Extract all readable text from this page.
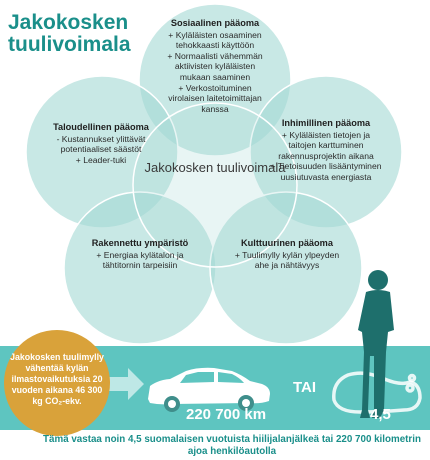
Jakokosken tuulivoimala
Jakokosken tuulivoimala
Sosiaalinen pääoma
+ Kyläläisten osaaminen tehokkaasti käyttöön
+ Normaalisti vähemmän aktiivisten kyläläisten mukaan saaminen
+ Verkostoituminen virolaisen laitetoimittajan kanssa
Taloudellinen pääoma
- Kustannukset ylittävät potentiaaliset säästöt
+ Leader-tuki
Inhimillinen pääoma
+ Kyläläisten tietojen ja taitojen karttuminen rakennusprojektin aikana
+ Tietoisuuden lisääntyminen uusiutuvasta energiasta
Rakennettu ympäristö
+ Energiaa kylätalon ja tähtitornin tarpeisiin
Kulttuurinen pääoma
+ Tuulimylly kylän ylpeyden ahe ja nähtävyys
Jakokosken tuulimylly vähentää kylän ilmastovaikutuksia 20 vuoden aikana 46 300 kg CO₂-ekv.
220 700 km
TAI
4,5
Tämä vastaa noin 4,5 suomalaisen vuotuista hiilijalanjälkeä tai 220 700 kilometrin ajoa henkilöautolla
